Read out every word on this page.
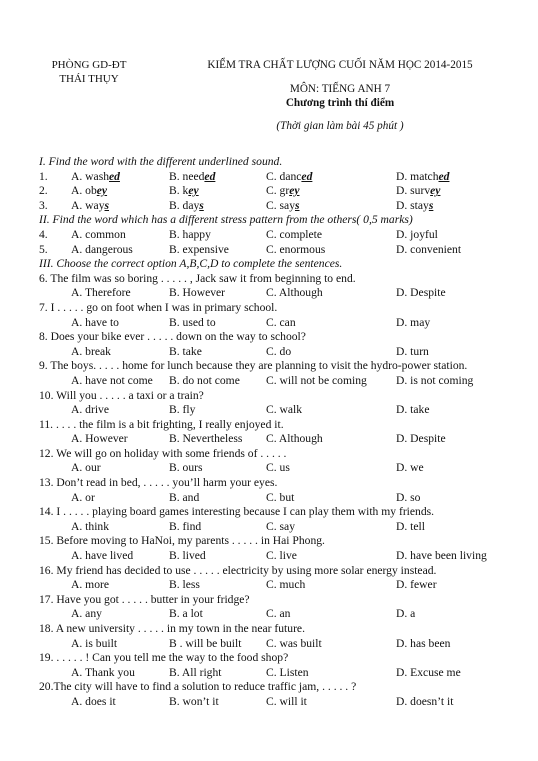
PHÒNG GD-ĐT
THÁI THỤY
KIỂM TRA CHẤT LƯỢNG CUỐI NĂM HỌC 2014-2015
MÔN: TIẾNG ANH 7
Chương trình thí điểm
(Thời gian làm bài 45 phút )
I. Find the word with the different underlined sound.
1. A. washed	B. needed	C. danced	D. matched
2. A. obey	B. key	C. grey	D. survey
3. A. ways	B. days	C. says	D. stays
II. Find the word which has a different stress pattern from the others( 0,5 marks)
4. A. common	B. happy	C. complete	D. joyful
5. A. dangerous	B. expensive	C. enormous	D. convenient
III. Choose the correct option A,B,C,D to complete the sentences.
6. The film was so boring . . . . . , Jack saw it from beginning to end.
A. Therefore	B. However	C. Although	D. Despite
7. I . . . . . go on foot when I was in primary school.
A. have to	B. used to	C. can	D. may
8. Does your bike ever . . . . . down on the way to school?
A. break	B. take	C. do	D. turn
9. The boys. . . . . home for lunch because they are planning to visit the hydro-power station.
A. have not come B. do not come C. will not be coming	D. is not coming
10. Will you . . . . . a taxi or a train?
A. drive	B. fly	C. walk	D. take
11. . . . . the film is a bit frighting, I really enjoyed it.
A. However	B. Nevertheless C. Although	D. Despite
12. We will go on holiday with some friends of . . . . .
A. our	B. ours	C. us	D. we
13. Don’t read in bed, . . . . . you’ll harm your eyes.
A. or	B. and	C. but	D. so
14. I . . . . . playing board games interesting because I can play them with my friends.
A. think	B. find	C. say	D. tell
15. Before moving to HaNoi, my parents . . . . . in Hai Phong.
A. have lived	B. lived	C. live	D. have been living
16. My friend has decided to use . . . . . electricity by using more solar energy instead.
A. more	B. less	C. much	D. fewer
17. Have you got . . . . . butter in your fridge?
A. any	B. a lot	C. an	D. a
18. A new university . . . . . in my town in the near future.
A. is built	B . will be built C. was built	D. has been
19. . . . . . ! Can you tell me the way to the food shop?
A. Thank you	B. All right	C. Listen	D. Excuse me
20.The city will have to find a solution to reduce traffic jam, . . . . . ?
A. does it	B. won’t it	C. will it	D. doesn’t it
